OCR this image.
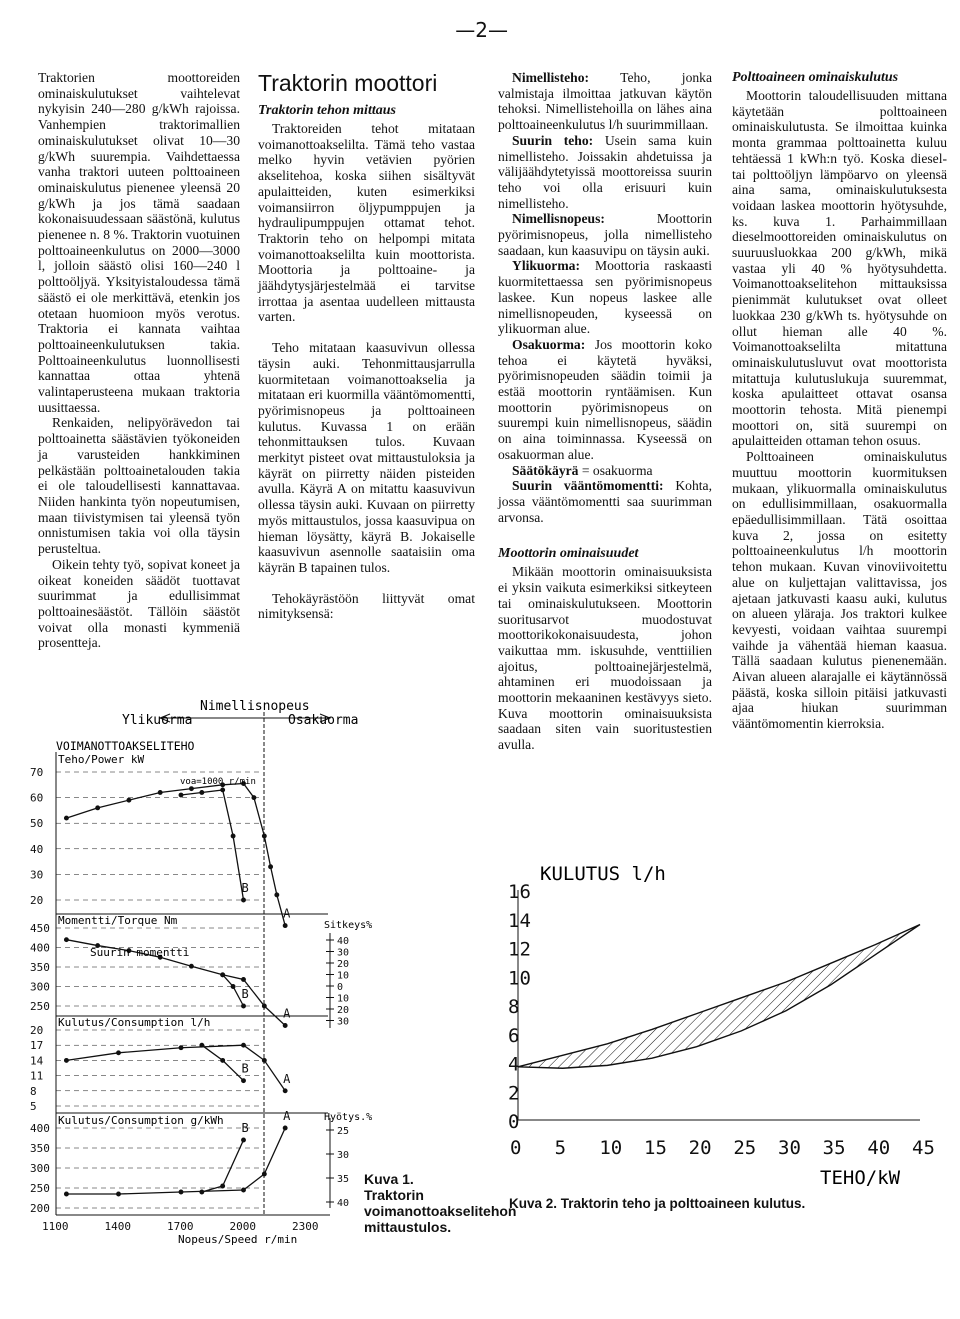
— 2 —

Traktorien moottoreiden ominaiskulutukset vaihtelevat nykyisin 240—280 g/kWh rajoissa. Vanhempien traktorimallien ominaiskulutukset olivat 10—30 g/kWh suurempia. Vaihdettaessa vanha traktori uuteen polttoaineen ominaiskulutus pienenee yleensä 20 g/kWh ja jos tämä saadaan kokonaisuudessaan säästönä, kulutus pienenee n. 8 %. Traktorin vuotuinen polttoaineenkulutus on 2000—3000 l, jolloin säästö olisi 160—240 l polttoöljyä. Yksityistaloudessa tämä säästö ei ole merkittävä, etenkin jos otetaan huomioon myös verotus. Traktoria ei kannata vaihtaa polttoaineenkulutuksen takia. Polttoaineenkulutus luonnollisesti kannattaa ottaa yhtenä valintaperusteena mukaan traktoria uusittaessa.

Renkaiden, nelipyörävedon tai polttoainetta säästävien työkoneiden ja varusteiden hankkiminen pelkästään polttoainetalouden takia ei ole taloudellisesti kannattavaa. Niiden hankinta työn nopeutumisen, maan tiivistymisen tai yleensä työn onnistumisen takia voi olla täysin perusteltua.

Oikein tehty työ, sopivat koneet ja oikeat koneiden säädöt tuottavat suurimmat ja edullisimmat polttoainesäästöt. Tällöin säästöt voivat olla monasti kymmeniä prosentteja.

Traktorin moottori
Traktorin tehon mittaus

Traktoreiden tehot mitataan voimanottoakselilta. Tämä teho vastaa melko hyvin vetävien pyörien akselitehoa, koska siihen sisältyvät apulaitteiden, kuten esimerkiksi voimansiirron öljypumppujen ja hydraulipumppujen ottamat tehot. Traktorin teho on helpompi mitata voimanottoakselilta kuin moottorista. Moottoria ja polttoaine- ja jäähdytysjärjestelmää ei tarvitse irrottaa ja asentaa uudelleen mittausta varten.

Teho mitataan kaasuvivun ollessa täysin auki. Tehonmittausjarrulla kuormitetaan voimanottoakselia ja mitataan eri kuormilla vääntömomentti, pyörimisnopeus ja polttoaineen kulutus. Kuvassa 1 on erään tehonmittauksen tulos. Kuvaan merkityt pisteet ovat mittaustuloksia ja käyrät on piirretty näiden pisteiden avulla. Käyrä A on mitattu kaasuvivun ollessa täysin auki. Kuvaan on piirretty myös mittaustulos, jossa kaasuvipua on hieman löysätty, käyrä B. Jokaiselle kaasuvivun asennolle saataisiin oma käyrän B tapainen tulos.

Tehokäyrästöön liittyvät omat nimityksensä:

Nimellisteho: Teho, jonka valmistaja ilmoittaa jatkuvan käytön tehoksi. Nimellistehoilla on lähes aina polttoaineenkulutus l/h suurimmillaan.

Suurin teho: Usein sama kuin nimellisteho. Joissakin ahdetuissa ja välijäähdytetyissä moottoreissa suurin teho voi olla erisuuri kuin nimellisteho.

Nimellisnopeus: Moottorin pyörimisnopeus, jolla nimellisteho saadaan, kun kaasuvipu on täysin auki.

Ylikuorma: Moottoria raskaasti kuormitettaessa sen pyörimisnopeus laskee. Kun nopeus laskee alle nimellisnopeuden, kyseessä on ylikuorman alue.

Osakuorma: Jos moottorin koko tehoa ei käytetä hyväksi, pyörimisnopeuden säädin toimii ja estää moottorin ryntäämisen. Kun moottorin pyörimisnopeus on suurempi kuin nimellisnopeus, säädin on aina toiminnassa. Kyseessä on osakuorman alue.

Säätökäyrä = osakuorma

Suurin vääntömomentti: Kohta, jossa vääntömomentti saa suurimman arvonsa.

Moottorin ominaisuudet

Mikään moottorin ominaisuuksista ei yksin vaikuta esimerkiksi sitkeyteen tai ominaiskulutukseen. Moottorin suoritusarvot muodostuvat moottorikokonaisuudesta, johon vaikuttaa mm. iskusuhde, venttiilien ajoitus, polttoainejärjestelmä, ahtaminen eri muodoissaan ja moottorin mekaaninen kestävyys sieto. Kuva moottorin ominaisuuksista saadaan siten vain suoritustestien avulla.

Polttoaineen ominaiskulutus

Moottorin taloudellisuuden mittana käytetään polttoaineen ominaiskulutusta. Se ilmoittaa kuinka monta grammaa polttoainetta kuluu tehtäessä 1 kWh:n työ. Koska diesel- tai polttoöljyn lämpöarvo on yleensä aina sama, ominaiskulutuksesta voidaan laskea moottorin hyötysuhde, ks. kuva 1. Parhaimmillaan dieselmoottoreiden ominaiskulutus on suuruusluokkaa 200 g/kWh, mikä vastaa yli 40 % hyötysuhdetta. Voimanottoakselitehon mittauksissa pienimmät kulutukset ovat olleet luokkaa 230 g/kWh ts. hyötysuhde on ollut hieman alle 40 %. Voimanottoakselilta mitattuna ominaiskulutusluvut ovat moottorista mitattuja kulutuslukuja suuremmat, koska apulaitteet ottavat osansa moottorin tehosta. Mitä pienempi moottori on, sitä suurempi on apulaitteiden ottaman tehon osuus.

Polttoaineen ominaiskulutus muuttuu moottorin kuormituksen mukaan, ylikuormalla ominaiskulutus on edullisimmillaan, osakuormalla epäedullisimmillaan. Tätä osoittaa kuva 2, jossa on esitetty polttoaineenkulutus l/h moottorin tehon mukaan. Kuvan vinoviivoitettu alue on kuljettajan valittavissa, jos ajetaan jatkuvasti kaasu auki, kulutus on alueen yläraja. Jos traktori kulkee kevyesti, voidaan vaihtaa suurempi vaihde ja vähentää hieman kaasua. Tällä saadaan kulutus pienenemään. Aivan alueen alarajalle ei käytännössä päästä, koska silloin pitäisi jatkuvasti ajaa hiukan suurimman vääntömomentin kierroksia.

1100	1400	1700	2000	2300
20
30
40
50
60
70
250
300
350
400
450
5
8
11
14
17
20
200
250
300
350
400
40
30
20
10
0
10
20
30
25
30
35
40
A
B
A
B
A
B
A
B
Nimellisnopeus
Ylikuorma	Osakuorma
VOIMANOTTOAKSELITEHO
Teho/Power kW
voa=1000 r/min
Momentti/Torque Nm
Suurin momentti
Kulutus/Consumption l/h
Kulutus/Consumption g/kWh
Sitkeys%
Hyötys.%
Nopeus/Speed r/min
Kuva 1. Traktorin voimanottoakselitehon mittaustulos.
KULUTUS l/h
0 5 10 15 20 25 30 35 40 45
0
2
4
6
8
10
12
14
16
TEHO/kW
Kuva 2. Traktorin teho ja polttoaineen kulutus.
